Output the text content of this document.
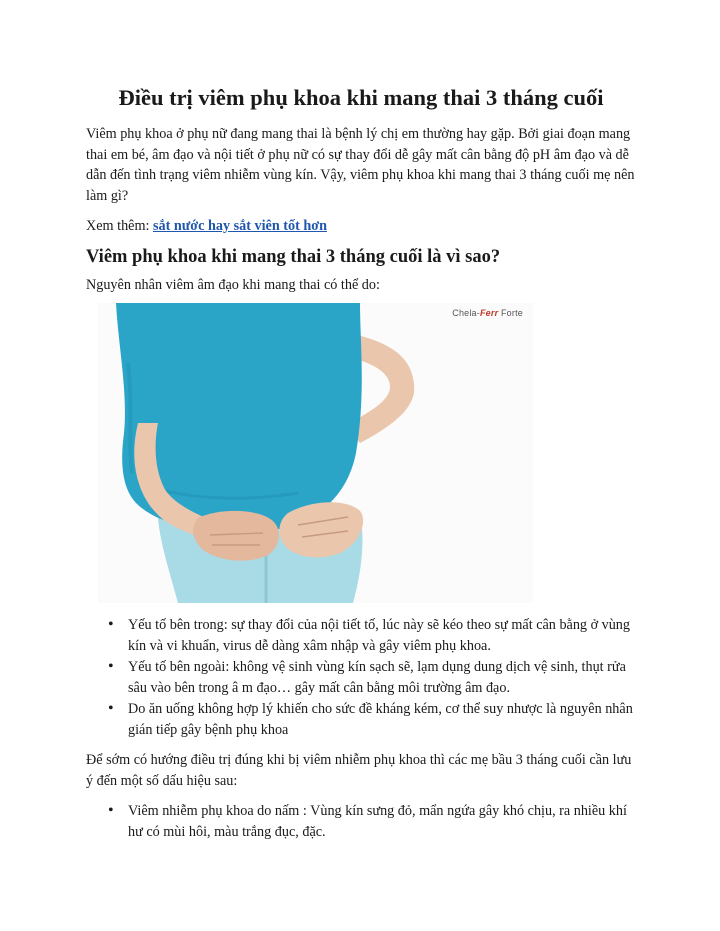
Điều trị viêm phụ khoa khi mang thai 3 tháng cuối

Viêm phụ khoa ở phụ nữ đang mang thai là bệnh lý chị em thường hay gặp. Bởi giai đoạn mang thai em bé, âm đạo và nội tiết ở phụ nữ có sự thay đổi dễ gây mất cân bằng độ pH âm đạo và dễ dẫn đến tình trạng viêm nhiễm vùng kín. Vậy, viêm phụ khoa khi mang thai 3 tháng cuối mẹ nên làm gì?

Xem thêm: sắt nước hay sắt viên tốt hơn

Viêm phụ khoa khi mang thai 3 tháng cuối là vì sao?

Nguyên nhân viêm âm đạo khi mang thai có thể do:

Chela-Ferr Forte
• Yếu tố bên trong: sự thay đổi của nội tiết tố, lúc này sẽ kéo theo sự mất cân bằng ở vùng kín và vi khuẩn, virus dễ dàng xâm nhập và gây viêm phụ khoa.
• Yếu tố bên ngoài: không vệ sinh vùng kín sạch sẽ, lạm dụng dung dịch vệ sinh, thụt rửa sâu vào bên trong â m đạo… gây mất cân bằng môi trường âm đạo.
• Do ăn uống không hợp lý khiến cho sức đề kháng kém, cơ thể suy nhược là nguyên nhân gián tiếp gây bệnh phụ khoa

Để sớm có hướng điều trị đúng khi bị viêm nhiễm phụ khoa thì các mẹ bầu 3 tháng cuối cần lưu ý đến một số dấu hiệu sau:

• Viêm nhiễm phụ khoa do nấm : Vùng kín sưng đỏ, mẩn ngứa gây khó chịu, ra nhiều khí hư có mùi hôi, màu trắng đục, đặc.
